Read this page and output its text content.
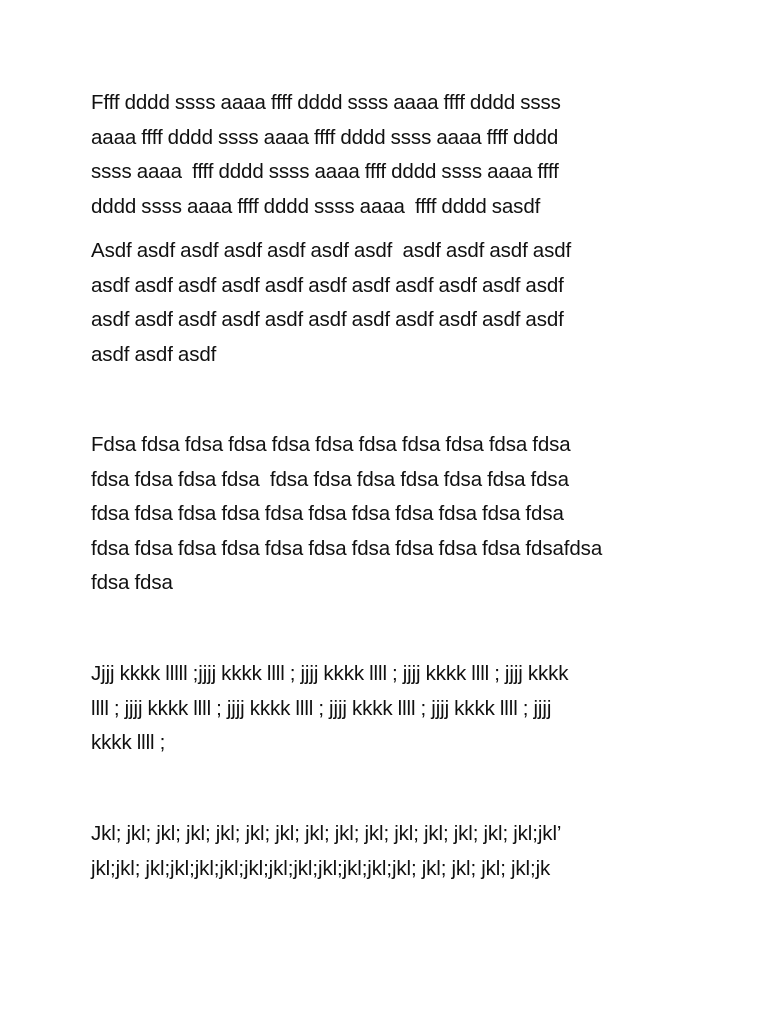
Ffff dddd ssss aaaa ffff dddd ssss aaaa ffff dddd ssss
aaaa ffff dddd ssss aaaa ffff dddd ssss aaaa ffff dddd
ssss aaaa  ffff dddd ssss aaaa ffff dddd ssss aaaa ffff
dddd ssss aaaa ffff dddd ssss aaaa  ffff dddd sasdf

Asdf asdf asdf asdf asdf asdf asdf  asdf asdf asdf asdf
asdf asdf asdf asdf asdf asdf asdf asdf asdf asdf asdf
asdf asdf asdf asdf asdf asdf asdf asdf asdf asdf asdf
asdf asdf asdf

Fdsa fdsa fdsa fdsa fdsa fdsa fdsa fdsa fdsa fdsa fdsa
fdsa fdsa fdsa fdsa  fdsa fdsa fdsa fdsa fdsa fdsa fdsa
fdsa fdsa fdsa fdsa fdsa fdsa fdsa fdsa fdsa fdsa fdsa
fdsa fdsa fdsa fdsa fdsa fdsa fdsa fdsa fdsa fdsa fdsafdsa
fdsa fdsa

Jjjj kkkk lllll ;jjjj kkkk llll ; jjjj kkkk llll ; jjjj kkkk llll ; jjjj kkkk
llll ; jjjj kkkk llll ; jjjj kkkk llll ; jjjj kkkk llll ; jjjj kkkk llll ; jjjj
kkkk llll ;

Jkl; jkl; jkl; jkl; jkl; jkl; jkl; jkl; jkl; jkl; jkl; jkl; jkl; jkl; jkl;jkl’
jkl;jkl; jkl;jkl;jkl;jkl;jkl;jkl;jkl;jkl;jkl;jkl;jkl; jkl; jkl; jkl; jkl;jk
